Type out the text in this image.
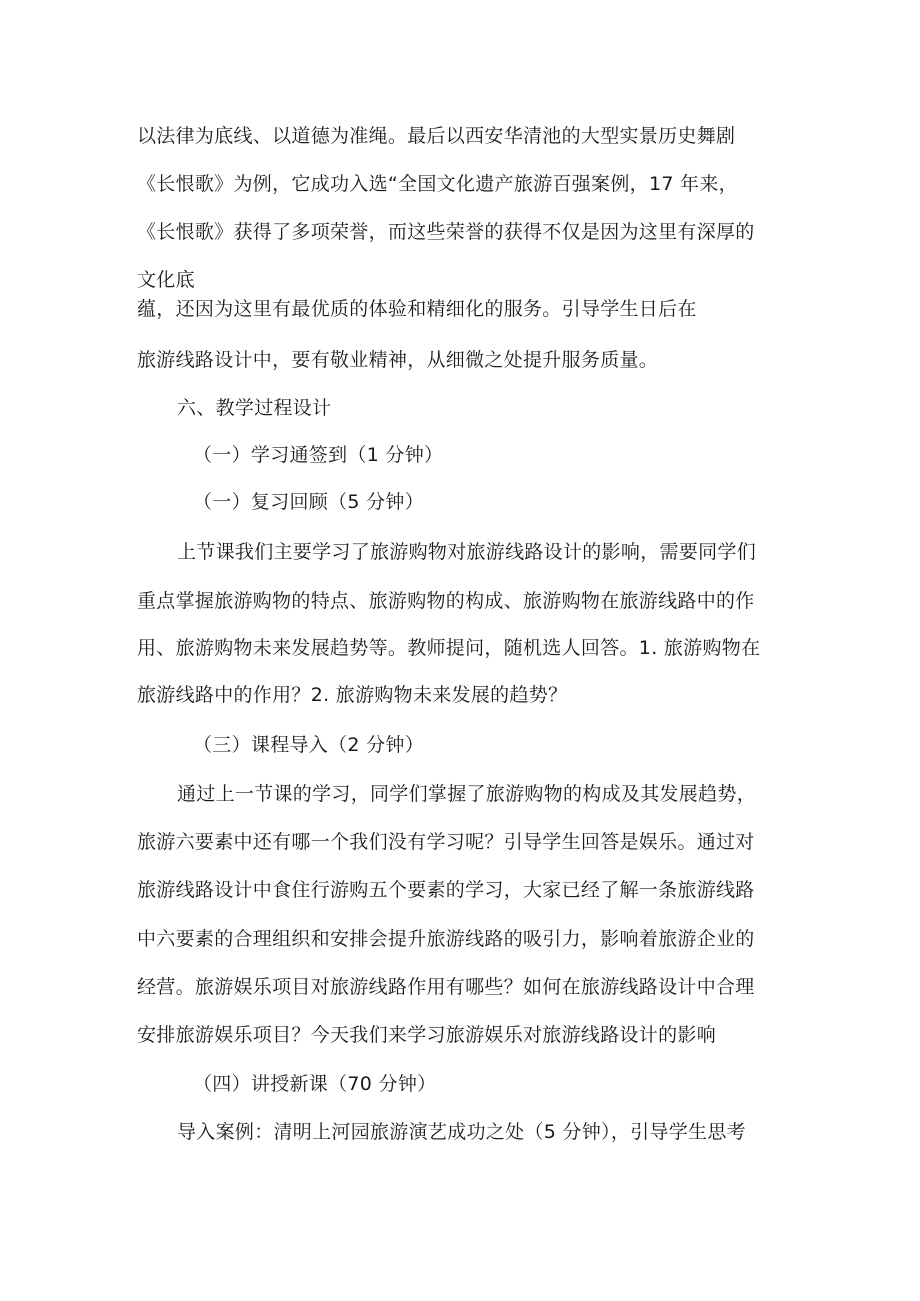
以法律为底线、以道德为准绳。最后以西安华清池的大型实景历史舞剧
《长恨歌》为例，它成功入选“全国文化遗产旅游百强案例，17 年来，
《长恨歌》获得了多项荣誉，而这些荣誉的获得不仅是因为这里有深厚的
文化底
蕴，还因为这里有最优质的体验和精细化的服务。引导学生日后在
旅游线路设计中，要有敬业精神，从细微之处提升服务质量。
六、教学过程设计
（一）学习通签到（1 分钟）
（一）复习回顾（5 分钟）
上节课我们主要学习了旅游购物对旅游线路设计的影响，需要同学们
重点掌握旅游购物的特点、旅游购物的构成、旅游购物在旅游线路中的作
用、旅游购物未来发展趋势等。教师提问，随机选人回答。1. 旅游购物在
旅游线路中的作用？2. 旅游购物未来发展的趋势？
（三）课程导入（2 分钟）
通过上一节课的学习，同学们掌握了旅游购物的构成及其发展趋势，
旅游六要素中还有哪一个我们没有学习呢？引导学生回答是娱乐。通过对
旅游线路设计中食住行游购五个要素的学习，大家已经了解一条旅游线路
中六要素的合理组织和安排会提升旅游线路的吸引力，影响着旅游企业的
经营。旅游娱乐项目对旅游线路作用有哪些？如何在旅游线路设计中合理
安排旅游娱乐项目？今天我们来学习旅游娱乐对旅游线路设计的影响
（四）讲授新课（70 分钟）
导入案例：清明上河园旅游演艺成功之处（5 分钟），引导学生思考
